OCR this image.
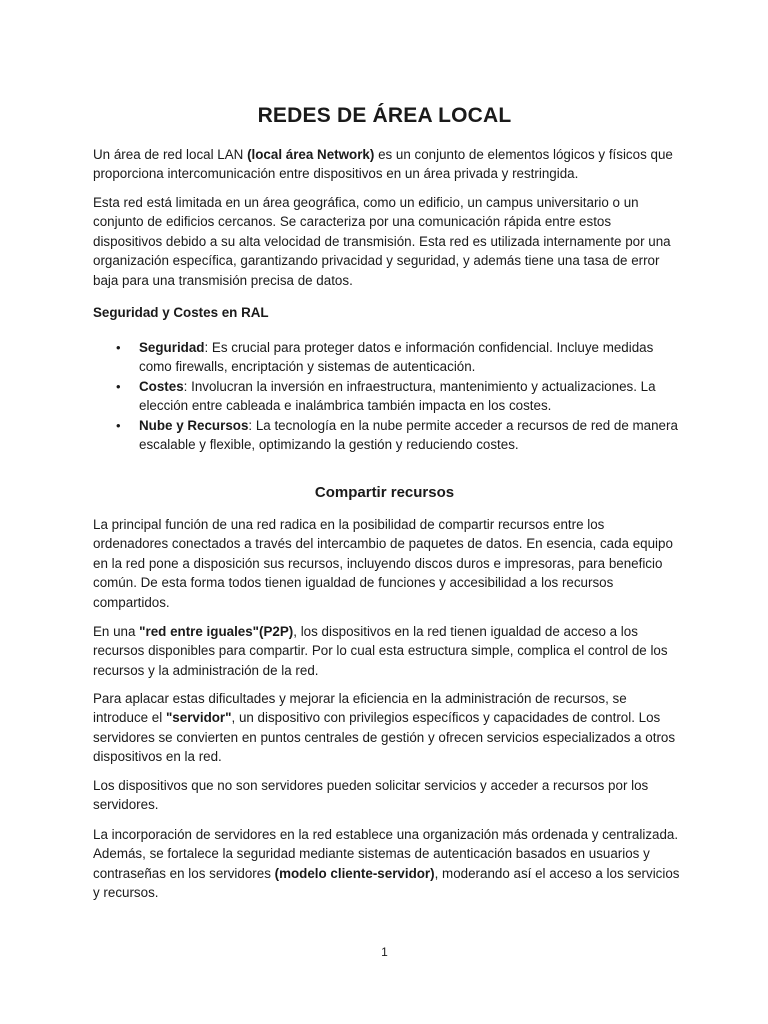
REDES DE ÁREA LOCAL

Un área de red local LAN (local área Network) es un conjunto de elementos lógicos y físicos que proporciona intercomunicación entre dispositivos en un área privada y restringida.

Esta red está limitada en un área geográfica, como un edificio, un campus universitario o un conjunto de edificios cercanos. Se caracteriza por una comunicación rápida entre estos dispositivos debido a su alta velocidad de transmisión. Esta red es utilizada internamente por una organización específica, garantizando privacidad y seguridad, y además tiene una tasa de error baja para una transmisión precisa de datos.

Seguridad y Costes en RAL

• Seguridad: Es crucial para proteger datos e información confidencial. Incluye medidas como firewalls, encriptación y sistemas de autenticación.
• Costes: Involucran la inversión en infraestructura, mantenimiento y actualizaciones. La elección entre cableada e inalámbrica también impacta en los costes.
• Nube y Recursos: La tecnología en la nube permite acceder a recursos de red de manera escalable y flexible, optimizando la gestión y reduciendo costes.
Compartir recursos

La principal función de una red radica en la posibilidad de compartir recursos entre los ordenadores conectados a través del intercambio de paquetes de datos. En esencia, cada equipo en la red pone a disposición sus recursos, incluyendo discos duros e impresoras, para beneficio común. De esta forma todos tienen igualdad de funciones y accesibilidad a los recursos compartidos.

En una "red entre iguales"(P2P), los dispositivos en la red tienen igualdad de acceso a los recursos disponibles para compartir. Por lo cual esta estructura simple, complica el control de los recursos y la administración de la red.

Para aplacar estas dificultades y mejorar la eficiencia en la administración de recursos, se introduce el "servidor", un dispositivo con privilegios específicos y capacidades de control. Los servidores se convierten en puntos centrales de gestión y ofrecen servicios especializados a otros dispositivos en la red.

Los dispositivos que no son servidores pueden solicitar servicios y acceder a recursos por los servidores.

La incorporación de servidores en la red establece una organización más ordenada y centralizada. Además, se fortalece la seguridad mediante sistemas de autenticación basados en usuarios y contraseñas en los servidores (modelo cliente-servidor), moderando así el acceso a los servicios y recursos.

1
